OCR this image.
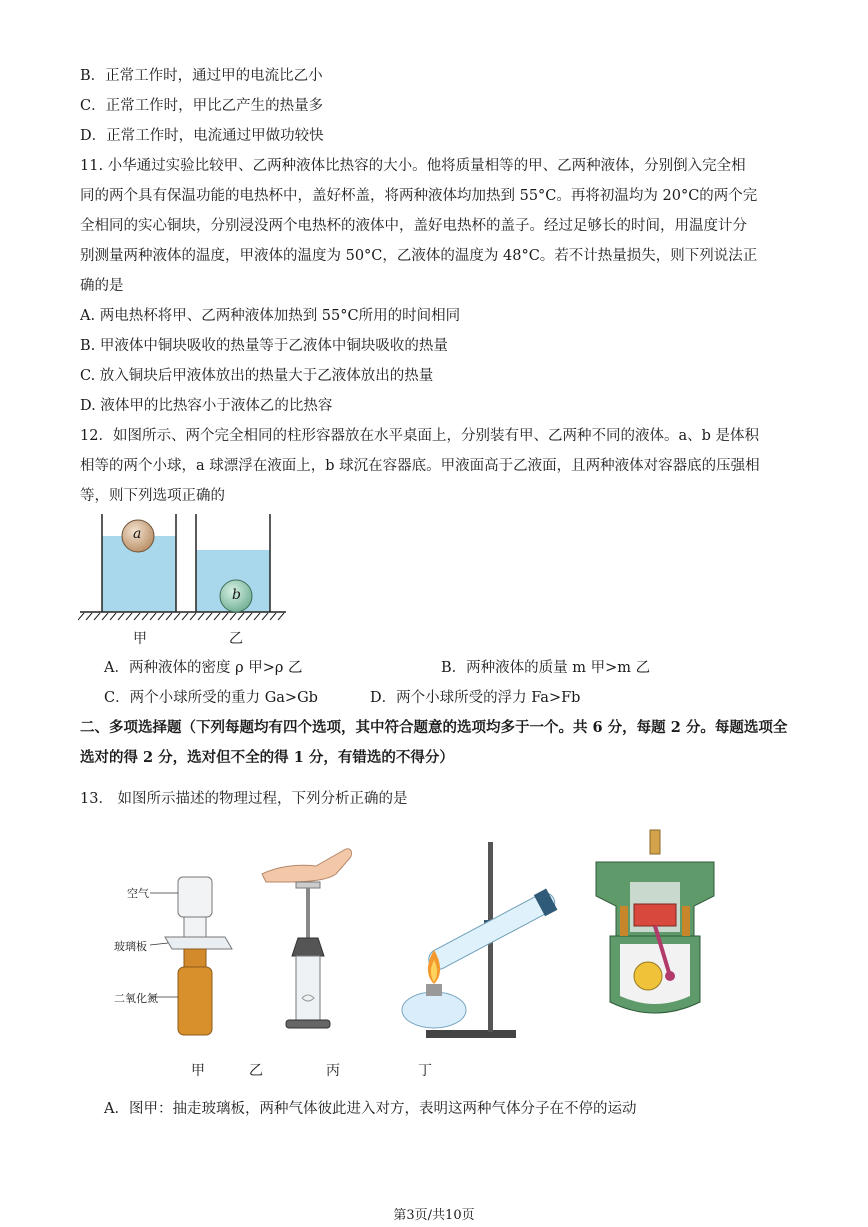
B．正常工作时，通过甲的电流比乙小
C．正常工作时，甲比乙产生的热量多
D．正常工作时，电流通过甲做功较快
11. 小华通过实验比较甲、乙两种液体比热容的大小。他将质量相等的甲、乙两种液体，分别倒入完全相
同的两个具有保温功能的电热杯中，盖好杯盖，将两种液体均加热到 55°C。再将初温均为 20°C的两个完
全相同的实心铜块，分别浸没两个电热杯的液体中，盖好电热杯的盖子。经过足够长的时间，用温度计分
别测量两种液体的温度，甲液体的温度为 50°C，乙液体的温度为 48°C。若不计热量损失，则下列说法正
确的是
A. 两电热杯将甲、乙两种液体加热到 55°C所用的时间相同
B. 甲液体中铜块吸收的热量等于乙液体中铜块吸收的热量
C. 放入铜块后甲液体放出的热量大于乙液体放出的热量
D. 液体甲的比热容小于液体乙的比热容
12．如图所示、两个完全相同的柱形容器放在水平桌面上，分别装有甲、乙两种不同的液体。a、b 是体积
相等的两个小球，a 球漂浮在液面上，b 球沉在容器底。甲液面高于乙液面，且两种液体对容器底的压强相
等，则下列选项正确的
a
b
甲	乙
A．两种液体的密度 ρ 甲>ρ 乙	B．两种液体的质量 m 甲>m 乙
C．两个小球所受的重力 Ga>Gb	D．两个小球所受的浮力 Fa>Fb
二、多项选择题（下列每题均有四个选项，其中符合题意的选项均多于一个。共 6 分，每题 2 分。每题选项全
选对的得 2 分，选对但不全的得 1 分，有错选的不得分）
13． 如图所示描述的物理过程，下列分析正确的是
空气
玻璃板
二氧化氮
甲	乙	丙	丁
A．图甲：抽走玻璃板，两种气体彼此进入对方，表明这两种气体分子在不停的运动
第3页/共10页
